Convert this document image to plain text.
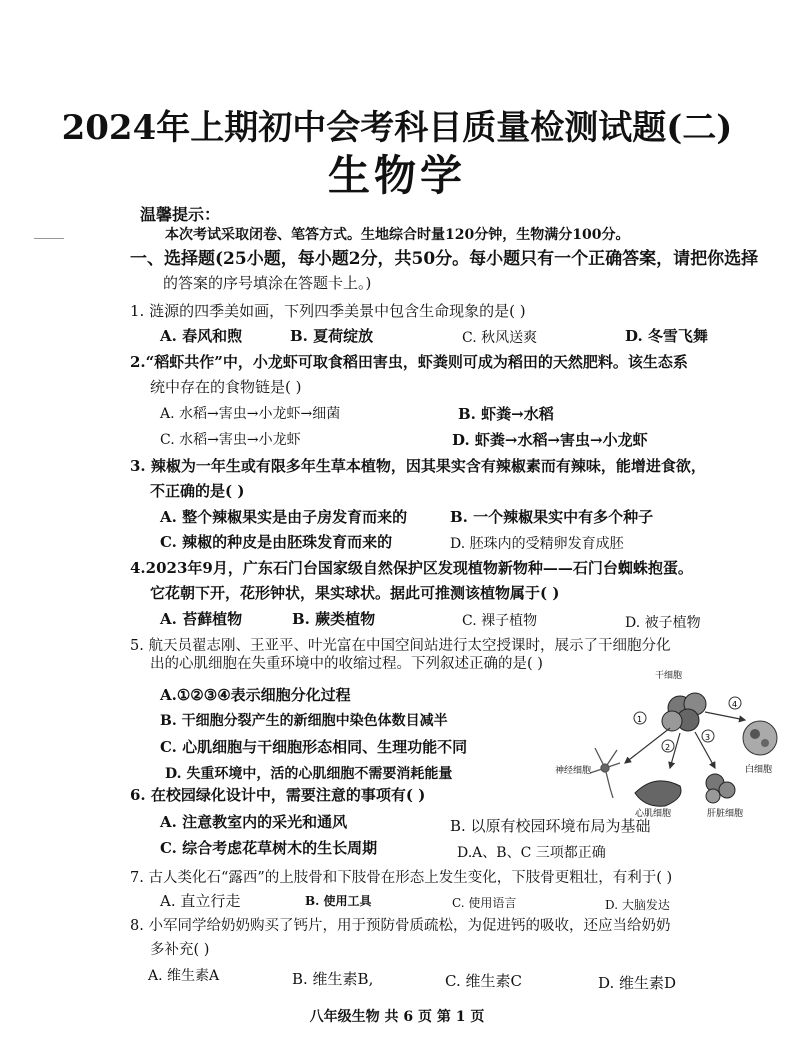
2024年上期初中会考科目质量检测试题(二)
生物学
温馨提示：
本次考试采取闭卷、笔答方式。生地综合时量120分钟，生物满分100分。
一、选择题(25小题，每小题2分，共50分。每小题只有一个正确答案，请把你选择
的答案的序号填涂在答题卡上。)
1. 涟源的四季美如画，下列四季美景中包含生命现象的是( )
A. 春风和煦	B. 夏荷绽放	C. 秋风送爽	D. 冬雪飞舞
2.“稻虾共作”中，小龙虾可取食稻田害虫，虾粪则可成为稻田的天然肥料。该生态系
统中存在的食物链是( )
A. 水稻→害虫→小龙虾→细菌	B. 虾粪→水稻
C. 水稻→害虫→小龙虾	D. 虾粪→水稻→害虫→小龙虾
3. 辣椒为一年生或有限多年生草本植物，因其果实含有辣椒素而有辣味，能增进食欲，
不正确的是( )
A. 整个辣椒果实是由子房发育而来的	B. 一个辣椒果实中有多个种子
C. 辣椒的种皮是由胚珠发育而来的	D. 胚珠内的受精卵发育成胚
4.2023年9月，广东石门台国家级自然保护区发现植物新物种——石门台蜘蛛抱蛋。
它花朝下开，花形钟状，果实球状。据此可推测该植物属于( )
A. 苔藓植物	B. 蕨类植物	C. 裸子植物	D. 被子植物
5. 航天员翟志刚、王亚平、叶光富在中国空间站进行太空授课时，展示了干细胞分化
出的心肌细胞在失重环境中的收缩过程。下列叙述正确的是( )
A.①②③④表示细胞分化过程
B. 干细胞分裂产生的新细胞中染色体数目减半
C. 心肌细胞与干细胞形态相同、生理功能不同
D. 失重环境中，活的心肌细胞不需要消耗能量
1
4
2
3
干细胞
神经细胞	白细胞
心肌细胞	肝脏细胞
6. 在校园绿化设计中，需要注意的事项有( )
A. 注意教室内的采光和通风	B. 以原有校园环境布局为基础
C. 综合考虑花草树木的生长周期	D.A、B、C 三项都正确
7. 古人类化石“露西”的上肢骨和下肢骨在形态上发生变化，下肢骨更粗壮，有利于( )
A. 直立行走	B. 使用工具	C. 使用语言	D. 大脑发达
8. 小军同学给奶奶购买了钙片，用于预防骨质疏松，为促进钙的吸收，还应当给奶奶
多补充( )
A. 维生素A	B. 维生素B,	C. 维生素C	D. 维生素D
八年级生物 共 6 页 第 1 页
